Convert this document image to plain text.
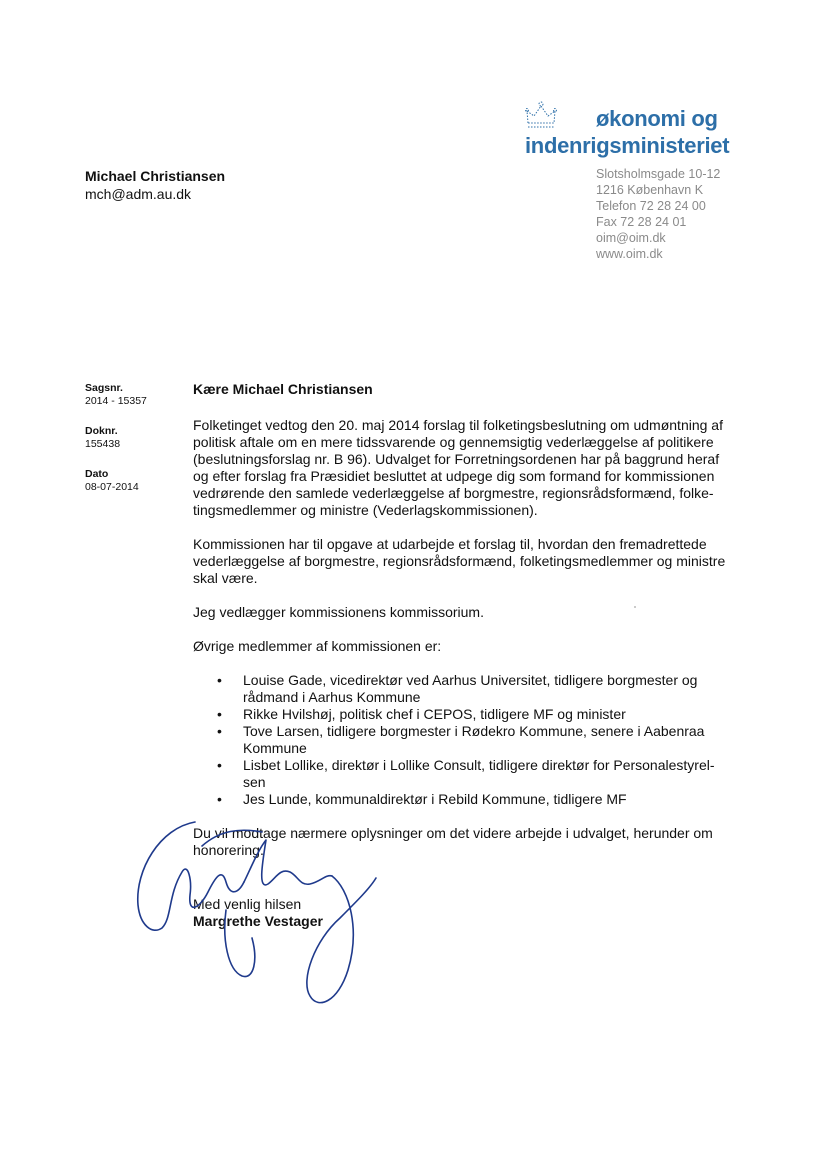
økonomi og
indenrigsministeriet
Michael Christiansen
mch@adm.au.dk
Slotsholmsgade 10-12
1216 København K
Telefon 72 28 24 00
Fax 72 28 24 01
oim@oim.dk
www.oim.dk
Sagsnr.
2014 - 15357
Doknr.
155438
Dato
08-07-2014
Kære Michael Christiansen

Folketinget vedtog den 20. maj 2014 forslag til folketingsbeslutning om udmøntning af politisk aftale om en mere tidssvarende og gennemsigtig vederlæggelse af politikere (beslutningsforslag nr. B 96). Udvalget for Forretningsordenen har på baggrund heraf og efter forslag fra Præsidiet besluttet at udpege dig som formand for kommissionen vedrørende den samlede vederlæggelse af borgmestre, regionsrådsformænd, folke-tingsmedlemmer og ministre (Vederlagskommissionen).

Kommissionen har til opgave at udarbejde et forslag til, hvordan den fremadrettede vederlæggelse af borgmestre, regionsrådsformænd, folketingsmedlemmer og ministre skal være.

Jeg vedlægger kommissionens kommissorium.

Øvrige medlemmer af kommissionen er:

• Louise Gade, vicedirektør ved Aarhus Universitet, tidligere borgmester og rådmand i Aarhus Kommune
• Rikke Hvilshøj, politisk chef i CEPOS, tidligere MF og minister
• Tove Larsen, tidligere borgmester i Rødekro Kommune, senere i Aabenraa Kommune
• Lisbet Lollike, direktør i Lollike Consult, tidligere direktør for Personalestyrel-sen
• Jes Lunde, kommunaldirektør i Rebild Kommune, tidligere MF

Du vil modtage nærmere oplysninger om det videre arbejde i udvalget, herunder om honorering.

Med venlig hilsen
Margrethe Vestager
